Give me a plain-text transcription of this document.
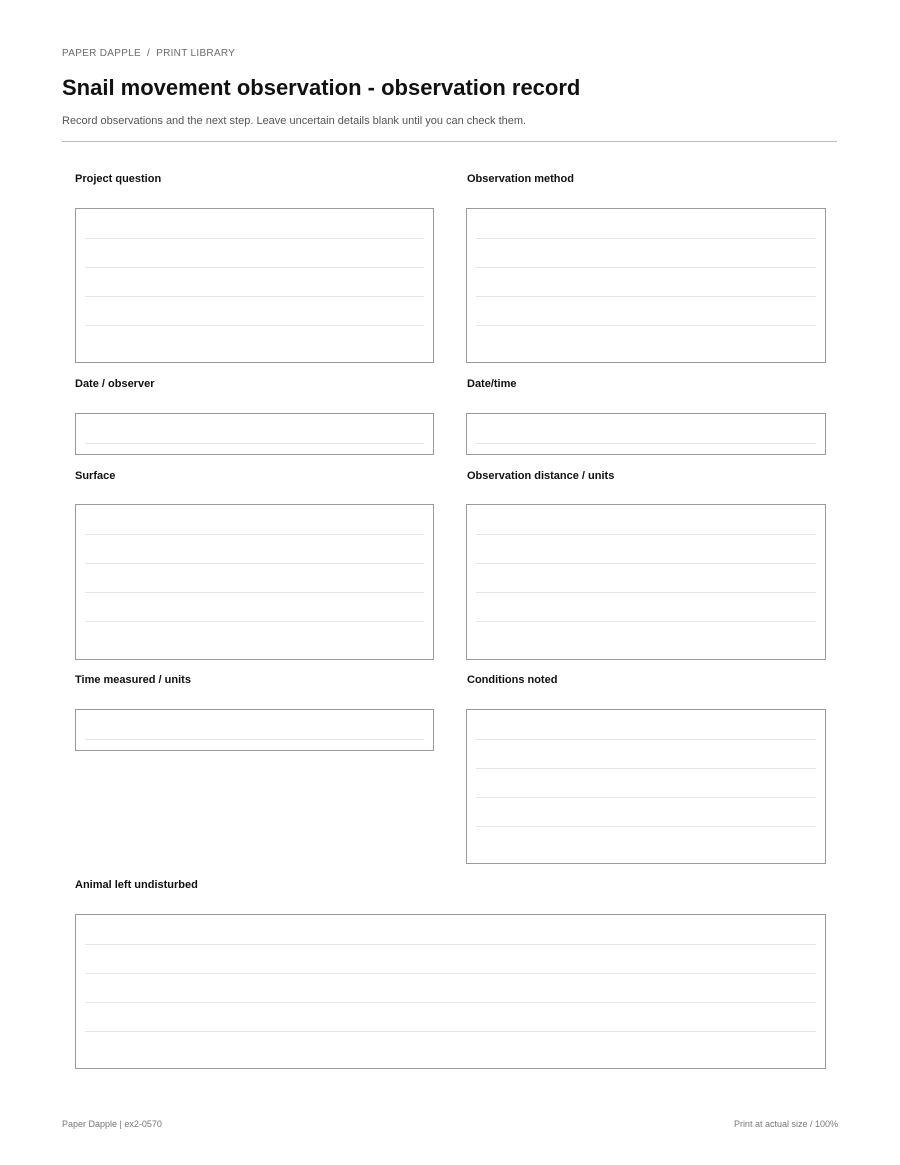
PAPER DAPPLE / PRINT LIBRARY
Snail movement observation - observation record

Record observations and the next step. Leave uncertain details blank until you can check them.

Project question	Observation method
Date / observer	Date/time
Surface	Observation distance / units
Time measured / units	Conditions noted
Animal left undisturbed
Paper Dapple | ex2-0570	Print at actual size / 100%
